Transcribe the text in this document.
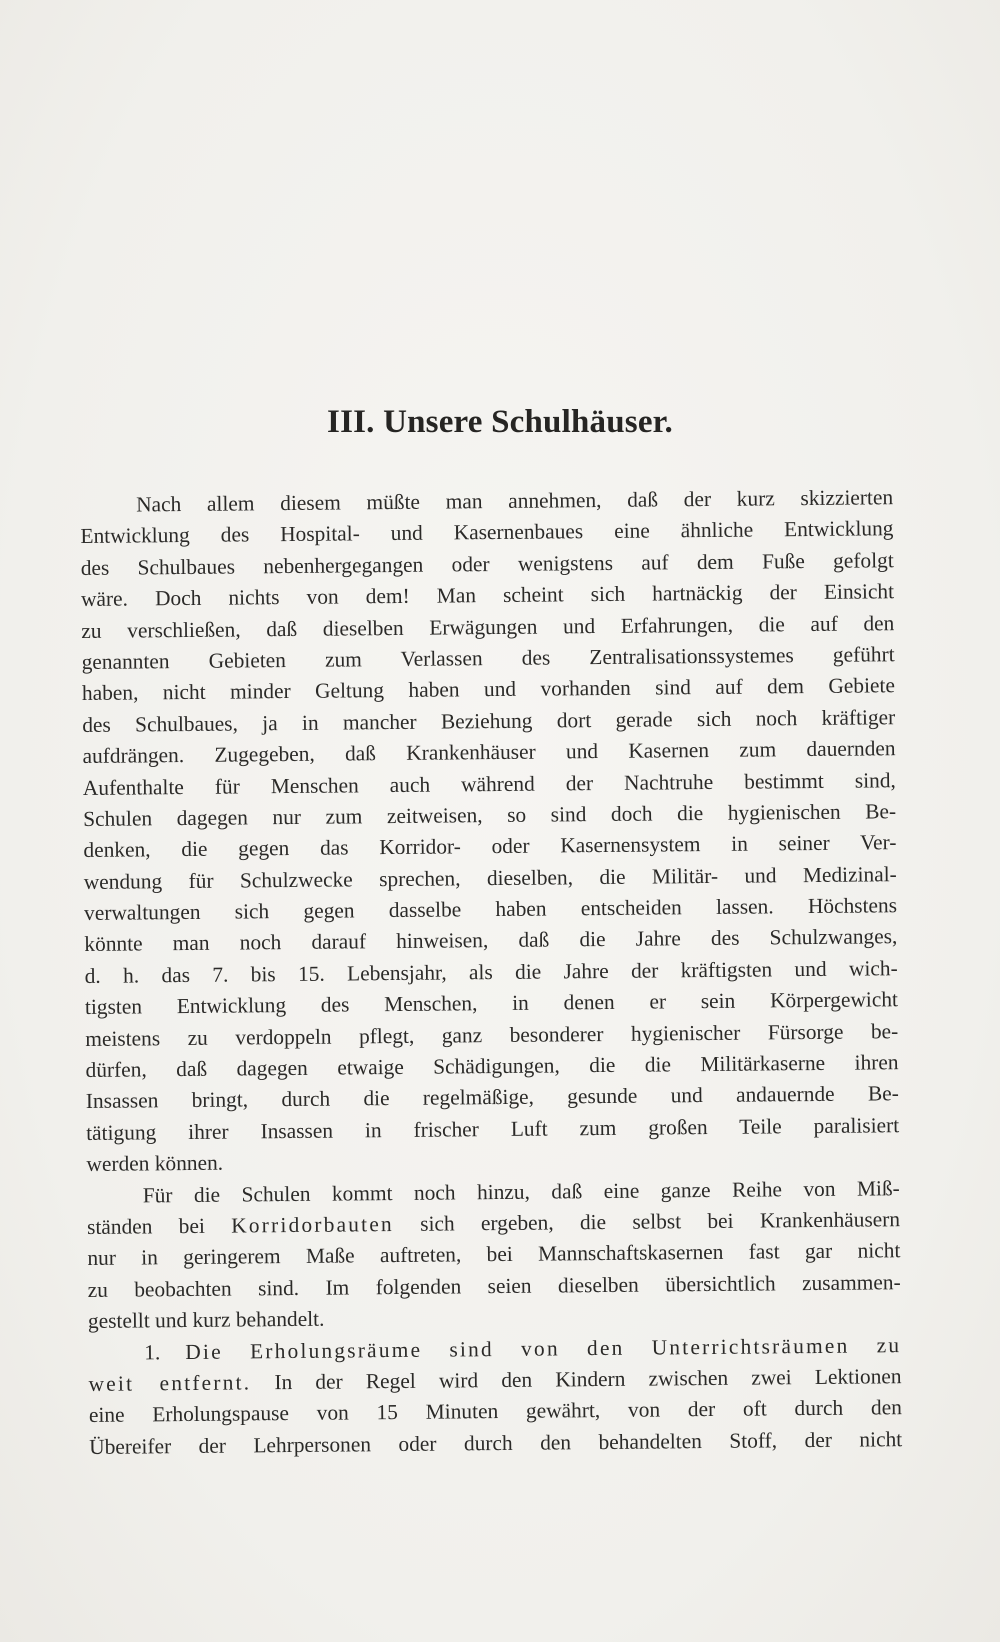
III. Unsere Schulhäuser.
Nach allem diesem müßte man annehmen, daß der kurz skizzierten
Entwicklung des Hospital- und Kasernenbaues eine ähnliche Entwicklung
des Schulbaues nebenhergegangen oder wenigstens auf dem Fuße gefolgt
wäre. Doch nichts von dem! Man scheint sich hartnäckig der Einsicht
zu verschließen, daß dieselben Erwägungen und Erfahrungen, die auf den
genannten Gebieten zum Verlassen des Zentralisationssystemes geführt
haben, nicht minder Geltung haben und vorhanden sind auf dem Gebiete
des Schulbaues, ja in mancher Beziehung dort gerade sich noch kräftiger
aufdrängen. Zugegeben, daß Krankenhäuser und Kasernen zum dauernden
Aufenthalte für Menschen auch während der Nachtruhe bestimmt sind,
Schulen dagegen nur zum zeitweisen, so sind doch die hygienischen Be-
denken, die gegen das Korridor- oder Kasernensystem in seiner Ver-
wendung für Schulzwecke sprechen, dieselben, die Militär- und Medizinal-
verwaltungen sich gegen dasselbe haben entscheiden lassen. Höchstens
könnte man noch darauf hinweisen, daß die Jahre des Schulzwanges,
d. h. das 7. bis 15. Lebensjahr, als die Jahre der kräftigsten und wich-
tigsten Entwicklung des Menschen, in denen er sein Körpergewicht
meistens zu verdoppeln pflegt, ganz besonderer hygienischer Fürsorge be-
dürfen, daß dagegen etwaige Schädigungen, die die Militärkaserne ihren
Insassen bringt, durch die regelmäßige, gesunde und andauernde Be-
tätigung ihrer Insassen in frischer Luft zum großen Teile paralisiert
werden können.
Für die Schulen kommt noch hinzu, daß eine ganze Reihe von Miß-
ständen bei Korridorbauten sich ergeben, die selbst bei Krankenhäusern
nur in geringerem Maße auftreten, bei Mannschaftskasernen fast gar nicht
zu beobachten sind. Im folgenden seien dieselben übersichtlich zusammen-
gestellt und kurz behandelt.
1. Die Erholungsräume sind von den Unterrichtsräumen zu
weit entfernt. In der Regel wird den Kindern zwischen zwei Lektionen
eine Erholungspause von 15 Minuten gewährt, von der oft durch den
Übereifer der Lehrpersonen oder durch den behandelten Stoff, der nicht
